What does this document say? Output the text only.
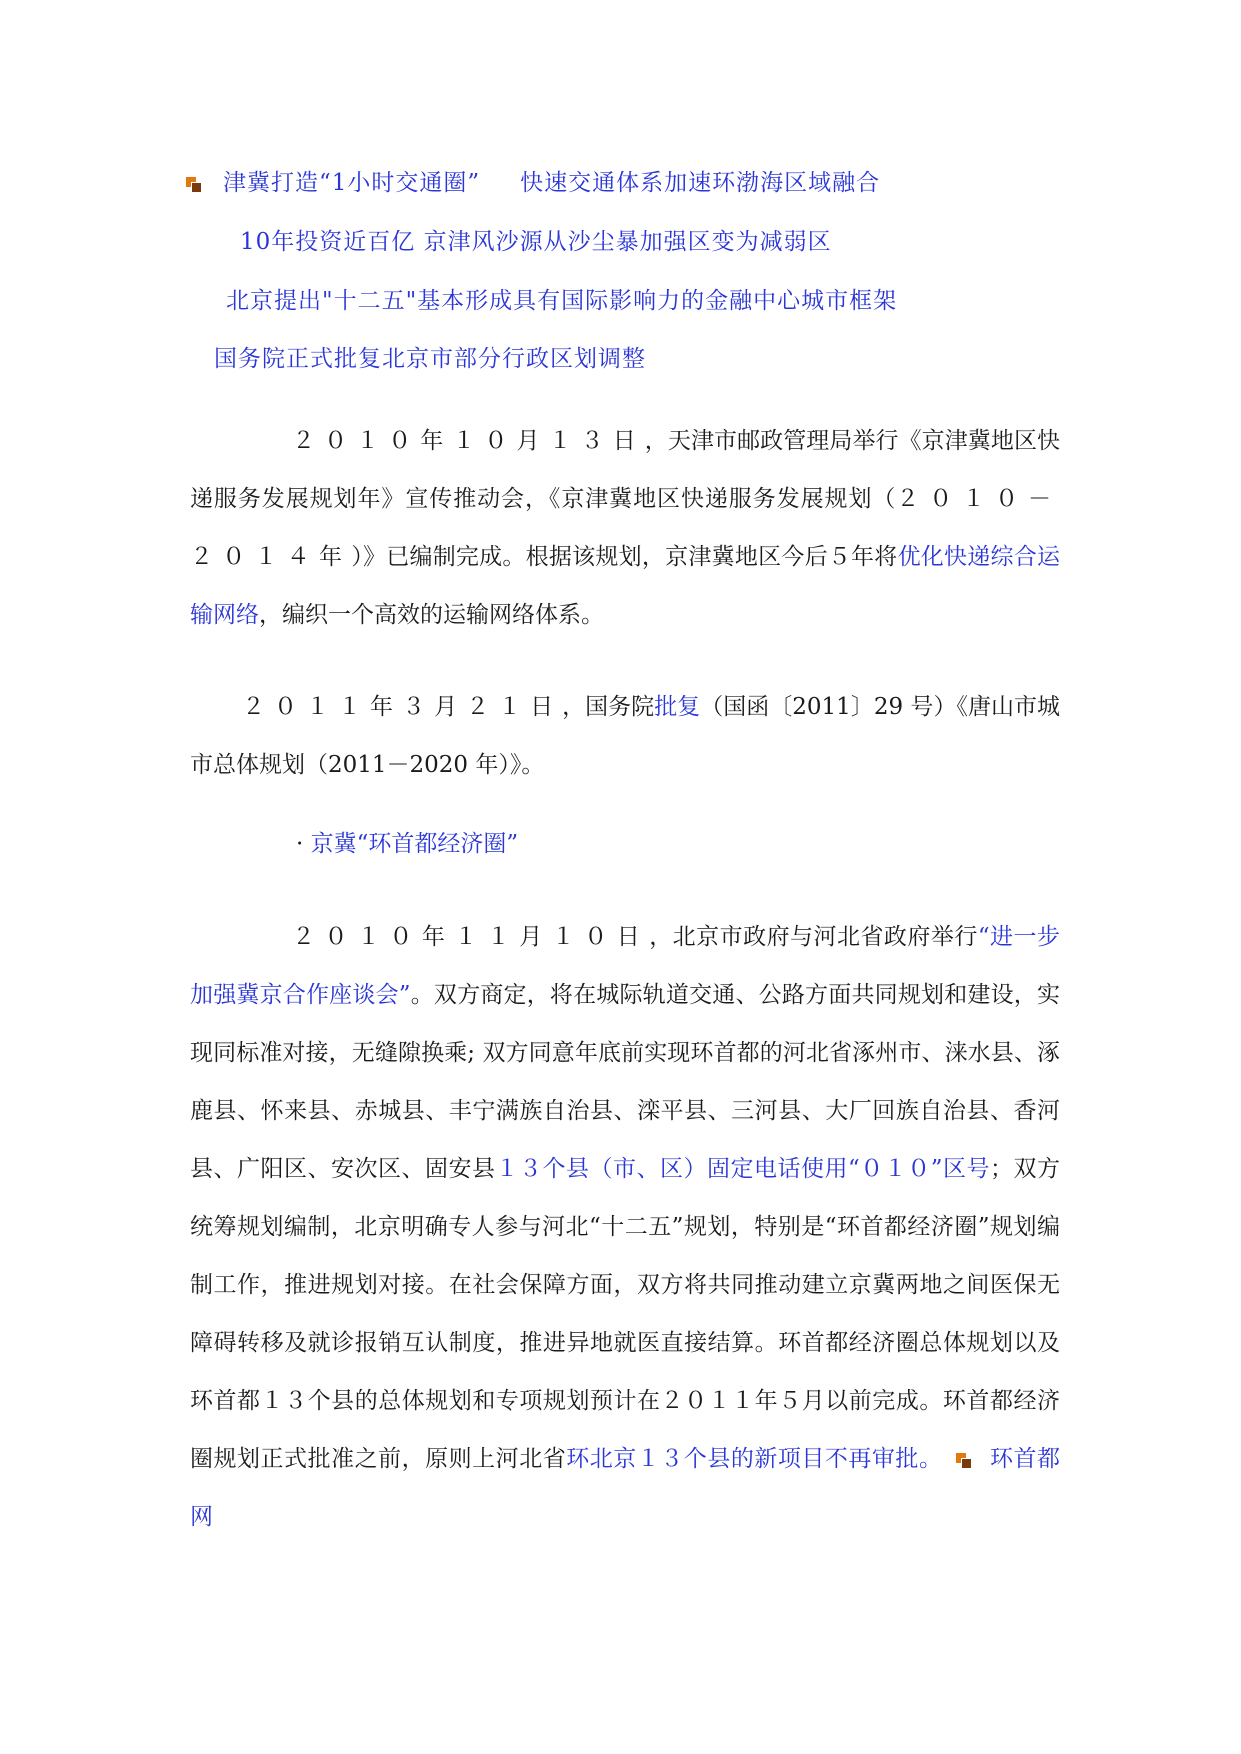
津冀打造“1小时交通圈” 快速交通体系加速环渤海区域融合
10年投资近百亿 京津风沙源从沙尘暴加强区变为减弱区
北京提出"十二五"基本形成具有国际影响力的金融中心城市框架
国务院正式批复北京市部分行政区划调整
２０１０年１０月１３日，天津市邮政管理局举行《京津冀地区快递服务发展规划年》宣传推动会，《京津冀地区快递服务发展规划（２０１０－２０１４年）》已编制完成。根据该规划，京津冀地区今后５年将优化快递综合运输网络，编织一个高效的运输网络体系。
２０１１年３月２１日，国务院批复（国函〔2011〕29 号）《唐山市城市总体规划（2011－2020 年）》。
· 京冀“环首都经济圈”
２０１０年１１月１０日，北京市政府与河北省政府举行“进一步加强冀京合作座谈会”。双方商定，将在城际轨道交通、公路方面共同规划和建设，实现同标准对接，无缝隙换乘; 双方同意年底前实现环首都的河北省涿州市、涞水县、涿鹿县、怀来县、赤城县、丰宁满族自治县、滦平县、三河县、大厂回族自治县、香河县、广阳区、安次区、固安县１３个县（市、区）固定电话使用“０１０”区号；双方统筹规划编制，北京明确专人参与河北“十二五”规划，特别是“环首都经济圈”规划编制工作，推进规划对接。在社会保障方面，双方将共同推动建立京冀两地之间医保无障碍转移及就诊报销互认制度，推进异地就医直接结算。环首都经济圈总体规划以及环首都１３个县的总体规划和专项规划预计在２０１１年５月以前完成。环首都经济圈规划正式批准之前，原则上河北省环北京１３个县的新项目不再审批。 环首都网
